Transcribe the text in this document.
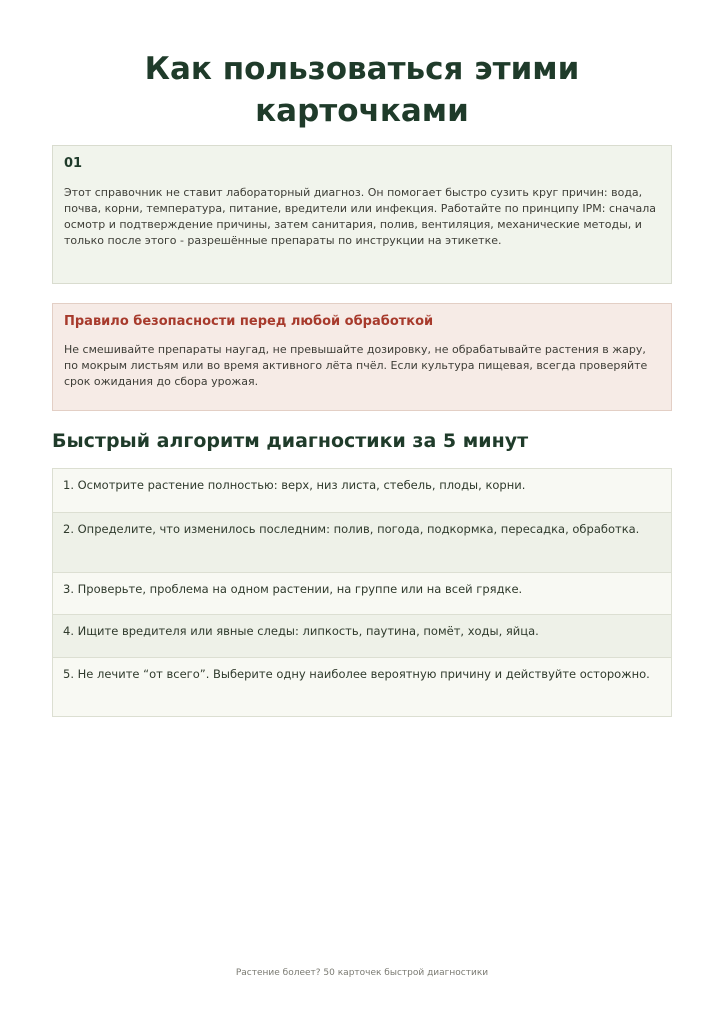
Как пользоваться этими карточками
01

Этот справочник не ставит лабораторный диагноз. Он помогает быстро сузить круг причин: вода, почва, корни, температура, питание, вредители или инфекция. Работайте по принципу IPM: сначала осмотр и подтверждение причины, затем санитария, полив, вентиляция, механические методы, и только после этого - разрешённые препараты по инструкции на этикетке.

Правило безопасности перед любой обработкой

Не смешивайте препараты наугад, не превышайте дозировку, не обрабатывайте растения в жару, по мокрым листьям или во время активного лёта пчёл. Если культура пищевая, всегда проверяйте срок ожидания до сбора урожая.

Быстрый алгоритм диагностики за 5 минут
1. Осмотрите растение полностью: верх, низ листа, стебель, плоды, корни.
2. Определите, что изменилось последним: полив, погода, подкормка, пересадка, обработка.
3. Проверьте, проблема на одном растении, на группе или на всей грядке.
4. Ищите вредителя или явные следы: липкость, паутина, помёт, ходы, яйца.
5. Не лечите “от всего”. Выберите одну наиболее вероятную причину и действуйте осторожно.
Растение болеет? 50 карточек быстрой диагностики
